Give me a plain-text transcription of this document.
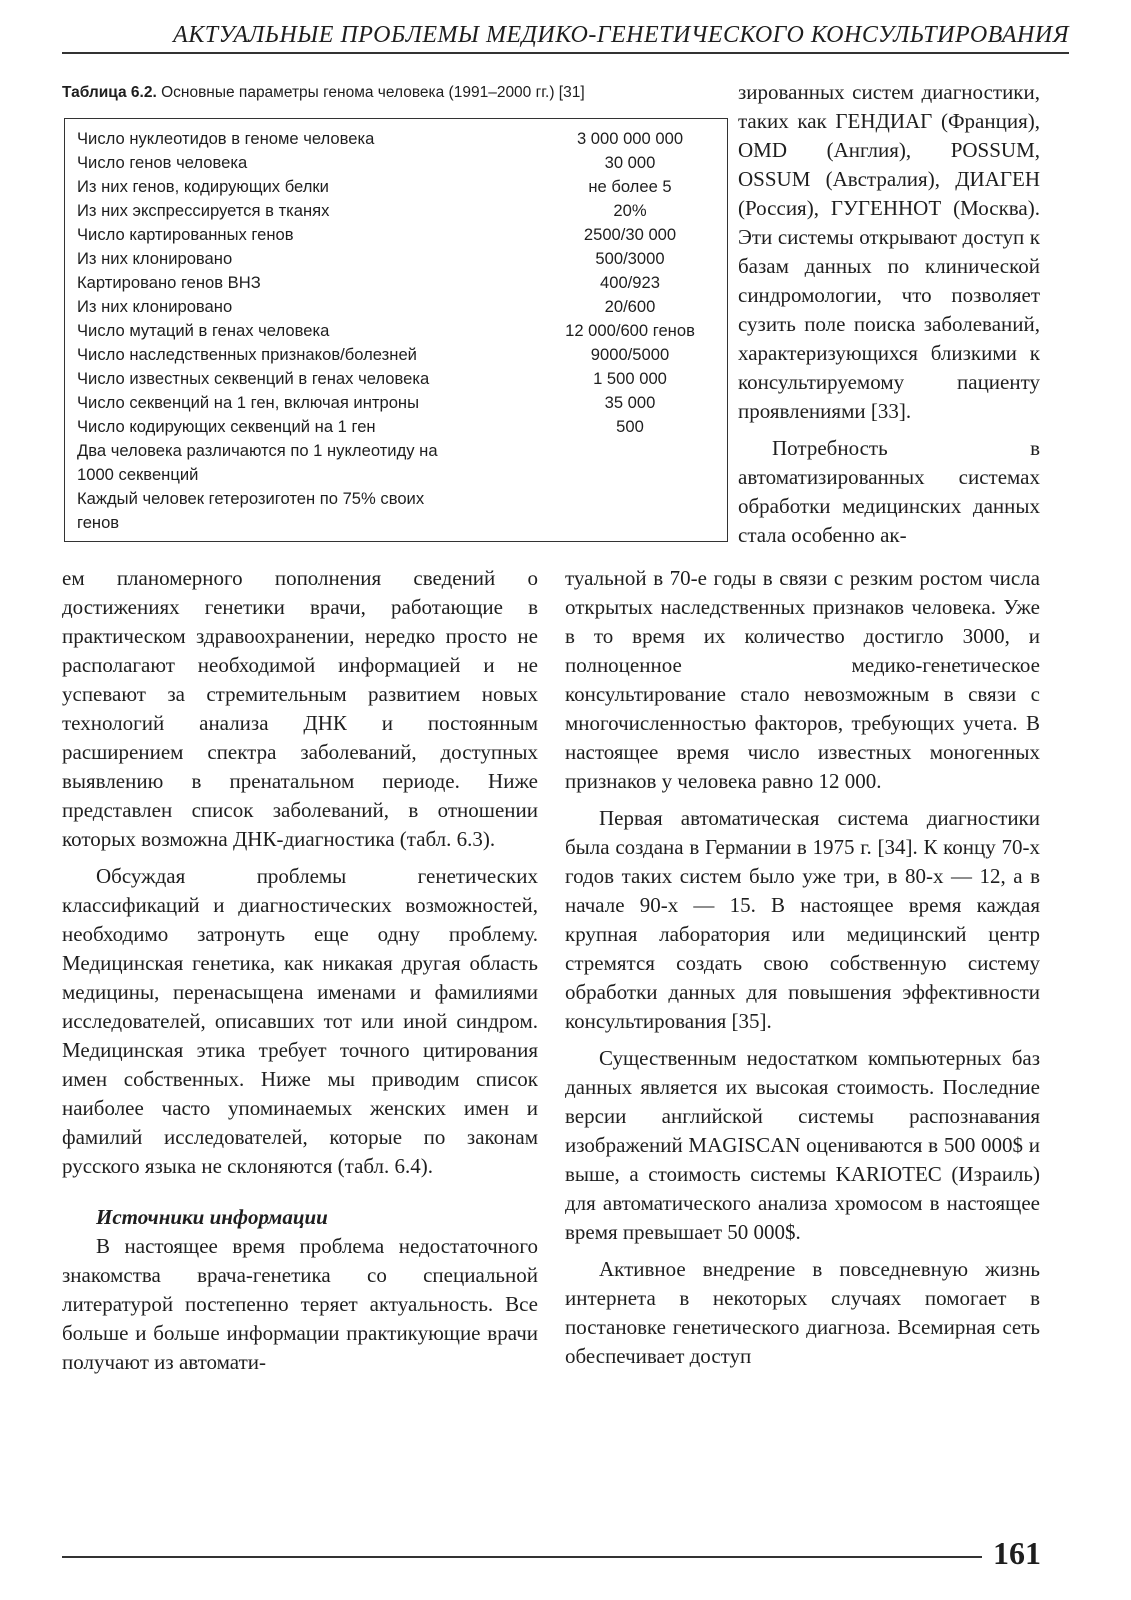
АКТУАЛЬНЫЕ ПРОБЛЕМЫ МЕДИКО-ГЕНЕТИЧЕСКОГО КОНСУЛЬТИРОВАНИЯ
Таблица 6.2. Основные параметры генома человека (1991–2000 гг.) [31]
Число нуклеотидов в геноме человека	3 000 000 000
Число генов человека	30 000
Из них генов, кодирующих белки	не более 5
Из них экспрессируется в тканях	20%
Число картированных генов	2500/30 000
Из них клонировано	500/3000
Картировано генов ВНЗ	400/923
Из них клонировано	20/600
Число мутаций в генах человека	12 000/600 генов
Число наследственных признаков/болезней	9000/5000
Число известных секвенций в генах человека	1 500 000
Число секвенций на 1 ген, включая интроны	35 000
Число кодирующих секвенций на 1 ген	500
Два человека различаются по 1 нуклеотиду на 1000 секвенций
Каждый человек гетерозиготен по 75% своих генов

зированных систем диагностики, таких как ГЕНДИАГ (Франция), OMD (Англия), POSSUM, OSSUM (Австралия), ДИАГЕН (Россия), ГУГЕННОТ (Москва). Эти системы открывают доступ к базам данных по клинической синдромологии, что позволяет сузить поле поиска заболеваний, характеризующихся близкими к консультируемому пациенту проявлениями [33].

Потребность в автоматизированных системах обработки медицинских данных стала особенно ак-

ем планомерного пополнения сведений о достижениях генетики врачи, работающие в практическом здравоохранении, нередко просто не располагают необходимой информацией и не успевают за стремительным развитием новых технологий анализа ДНК и постоянным расширением спектра заболеваний, доступных выявлению в пренатальном периоде. Ниже представлен список заболеваний, в отношении которых возможна ДНК-диагностика (табл. 6.3).

Обсуждая проблемы генетических классификаций и диагностических возможностей, необходимо затронуть еще одну проблему. Медицинская генетика, как никакая другая область медицины, перенасыщена именами и фамилиями исследователей, описавших тот или иной синдром. Медицинская этика требует точного цитирования имен собственных. Ниже мы приводим список наиболее часто упоминаемых женских имен и фамилий исследователей, которые по законам русского языка не склоняются (табл. 6.4).

Источники информации

В настоящее время проблема недостаточного знакомства врача-генетика со специальной литературой постепенно теряет актуальность. Все больше и больше информации практикующие врачи получают из автомати-

туальной в 70-е годы в связи с резким ростом числа открытых наследственных признаков человека. Уже в то время их количество достигло 3000, и полноценное медико-генетическое консультирование стало невозможным в связи с многочисленностью факторов, требующих учета. В настоящее время число известных моногенных признаков у человека равно 12 000.

Первая автоматическая система диагностики была создана в Германии в 1975 г. [34]. К концу 70-х годов таких систем было уже три, в 80-х — 12, а в начале 90-х — 15. В настоящее время каждая крупная лаборатория или медицинский центр стремятся создать свою собственную систему обработки данных для повышения эффективности консультирования [35].

Существенным недостатком компьютерных баз данных является их высокая стоимость. Последние версии английской системы распознавания изображений MAGISCAN оцениваются в 500 000$ и выше, а стоимость системы KARIOTEC (Израиль) для автоматического анализа хромосом в настоящее время превышает 50 000$.

Активное внедрение в повседневную жизнь интернета в некоторых случаях помогает в постановке генетического диагноза. Всемирная сеть обеспечивает доступ

161
